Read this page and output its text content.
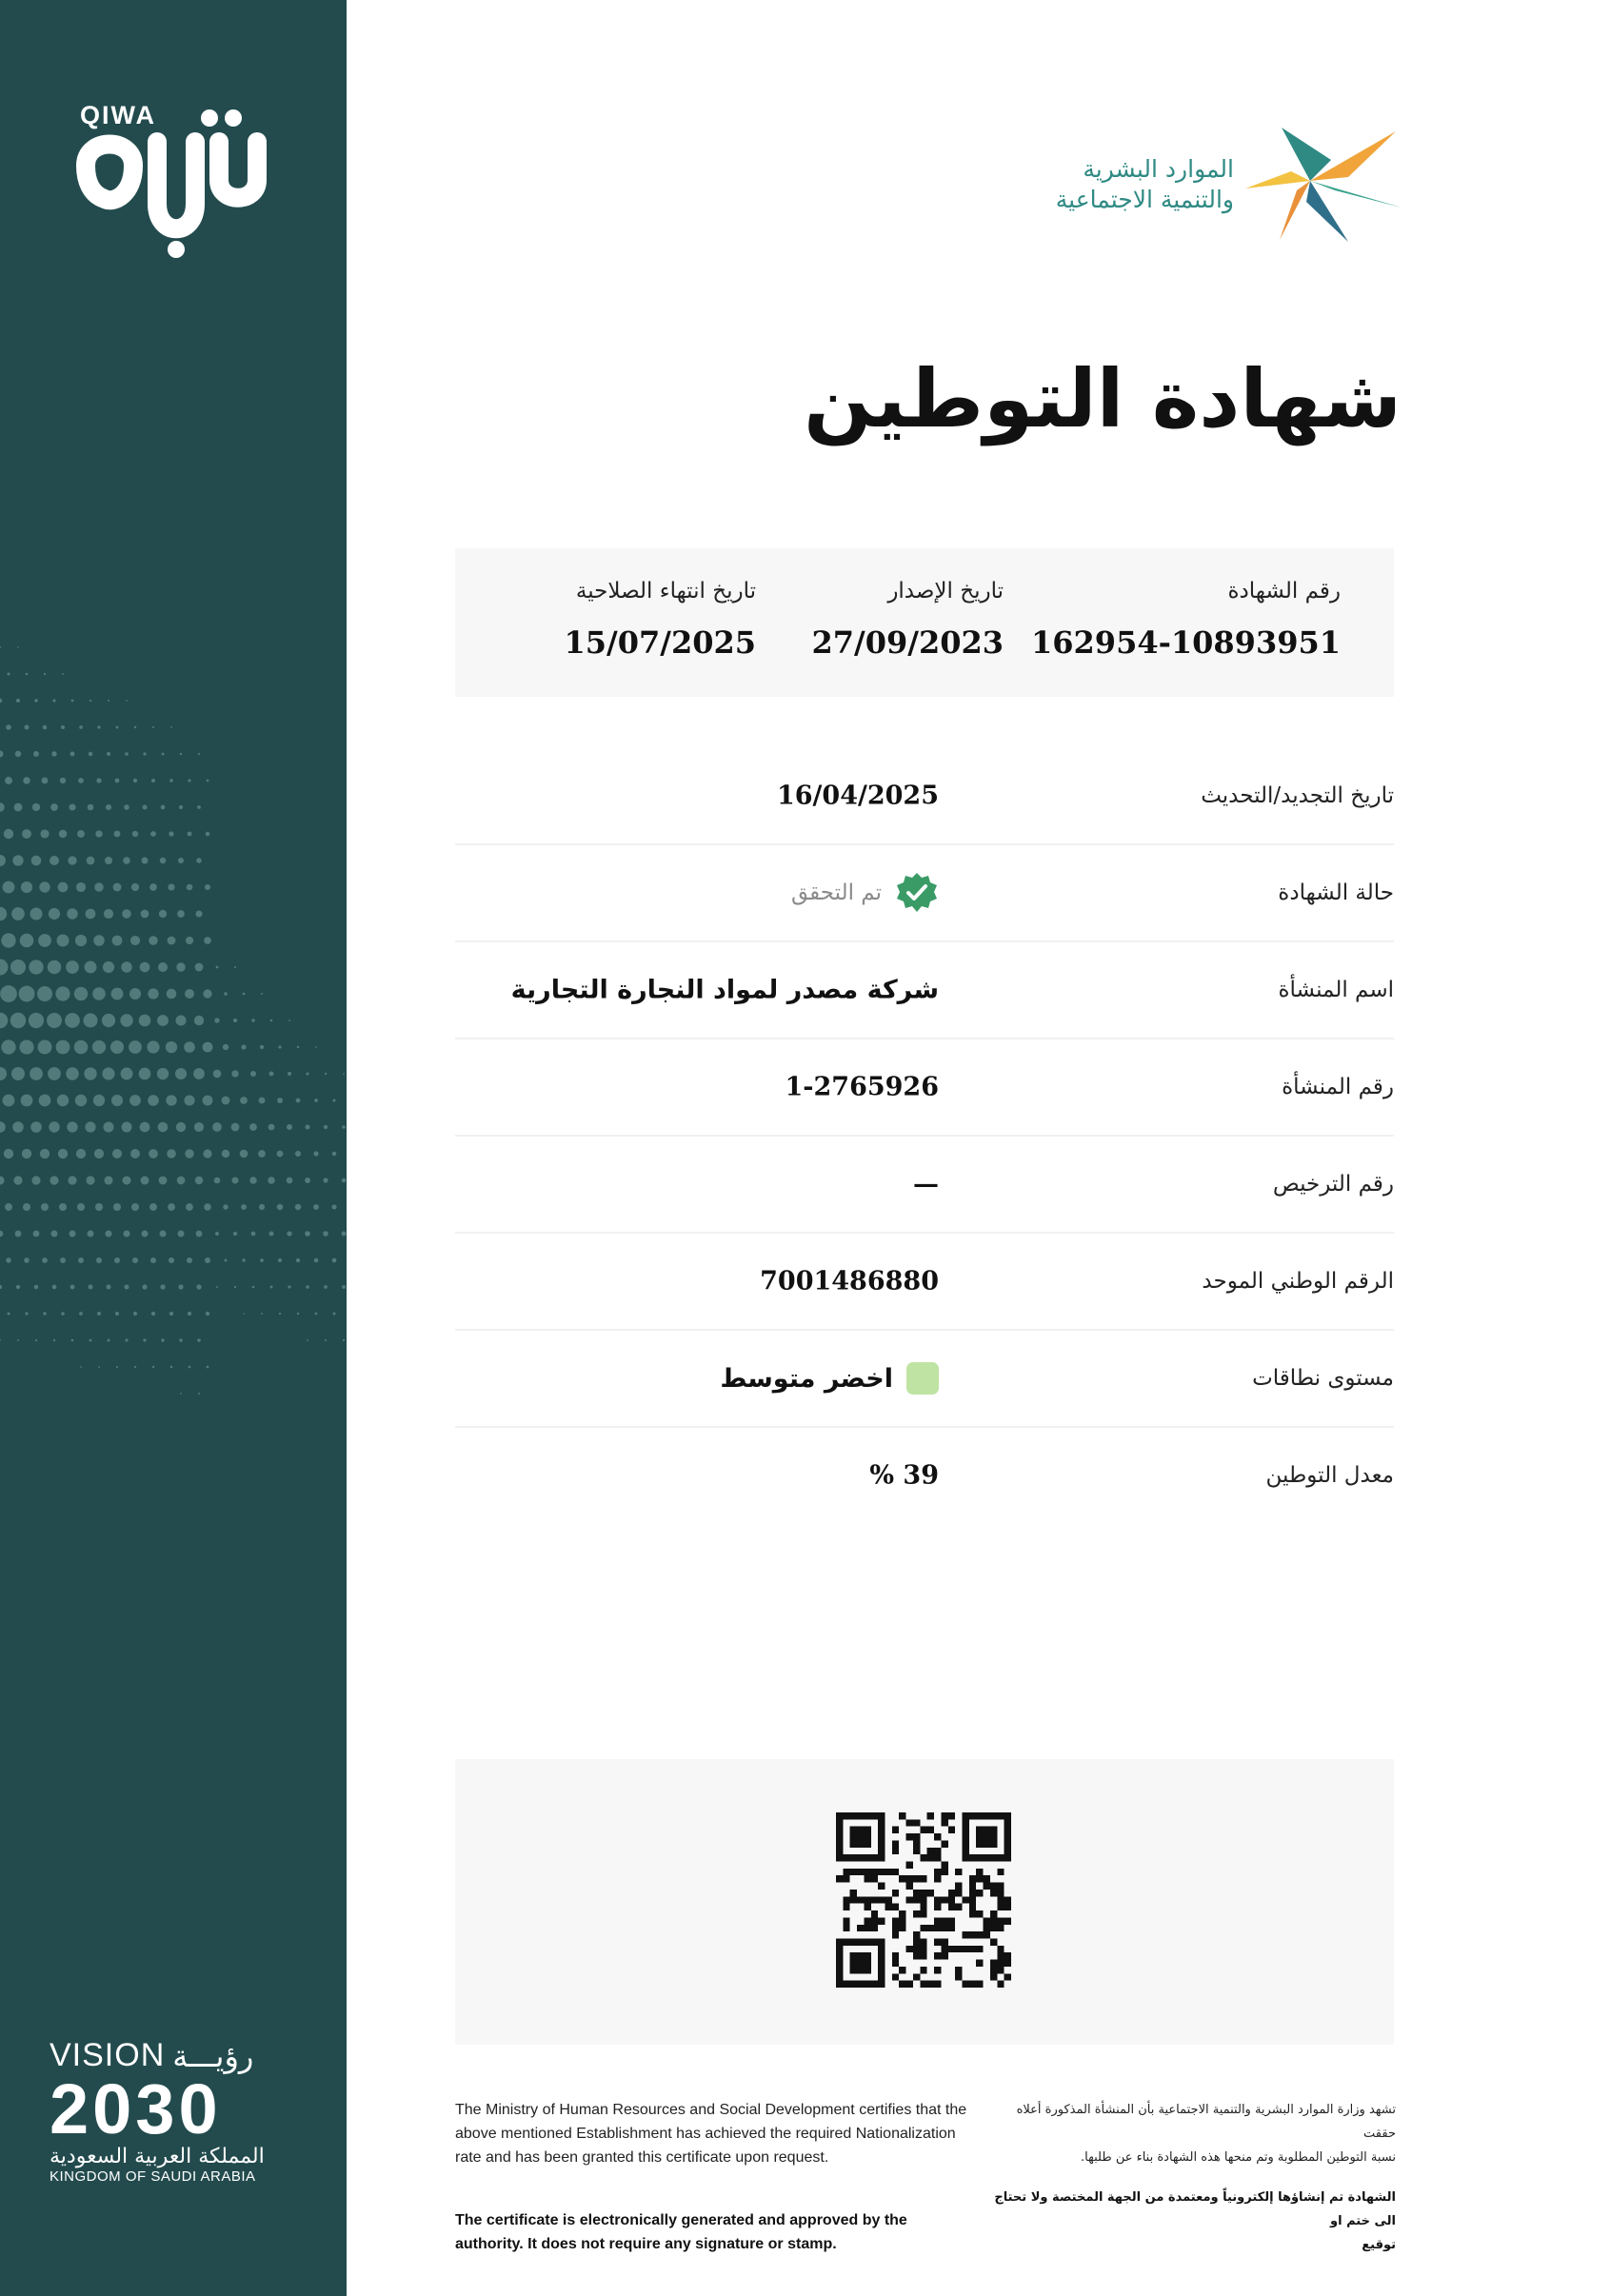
QIWA
VISION رؤيـــة
2030
المملكة العربية السعودية
KINGDOM OF SAUDI ARABIA
الموارد البشرية
والتنمية الاجتماعية
شهادة التوطين
رقم الشهادة
162954-10893951
تاريخ الإصدار
27/09/2023
تاريخ انتهاء الصلاحية
15/07/2025
تاريخ التجديد/التحديث
16/04/2025
حالة الشهادة
تم التحقق
اسم المنشأة
شركة مصدر لمواد النجارة التجارية
رقم المنشأة
1-2765926
رقم الترخيص
—
الرقم الوطني الموحد
7001486880
مستوى نطاقات
اخضر متوسط
معدل التوطين
% 39
The Ministry of Human Resources and Social Development certifies that the
above mentioned Establishment has achieved the required Nationalization
rate and has been granted this certificate upon request.
The certificate is electronically generated and approved by the
authority. It does not require any signature or stamp.
تشهد وزارة الموارد البشرية والتنمية الاجتماعية بأن المنشأة المذكورة أعلاه حققت
نسبة التوطين المطلوبة وتم منحها هذه الشهادة بناء عن طلبها.
الشهادة تم إنشاؤها إلكترونياً ومعتمدة من الجهة المختصة ولا تحتاج الى ختم او
توقيع
